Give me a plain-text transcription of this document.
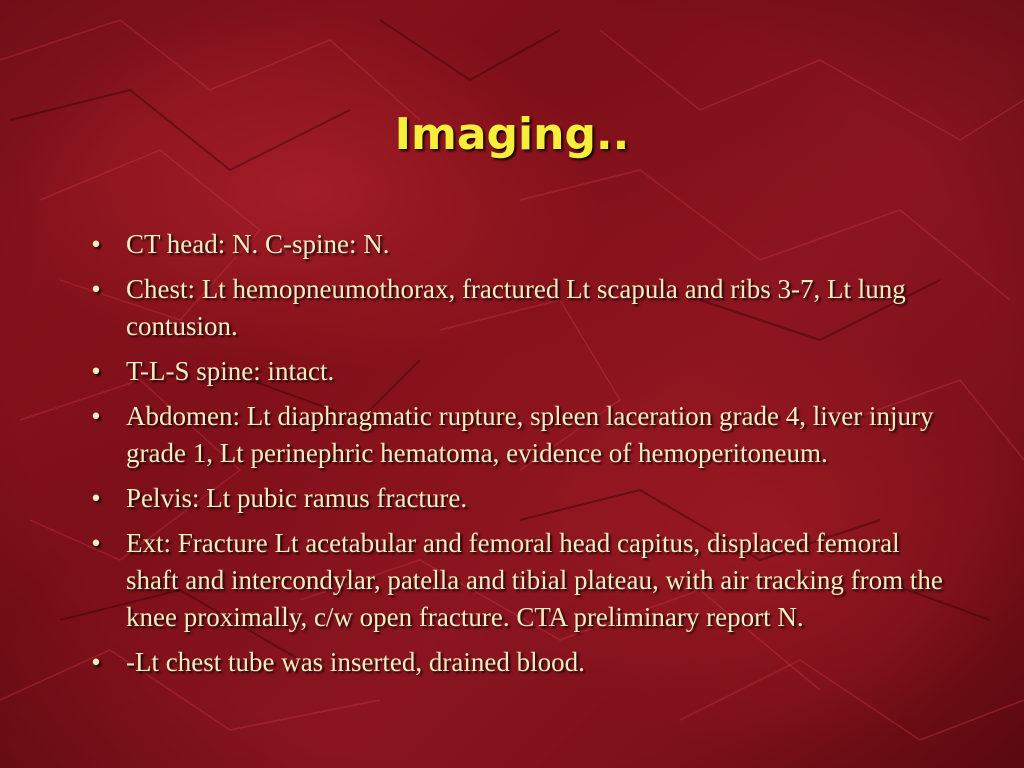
Imaging..
• CT head: N. C-spine: N.
• Chest: Lt hemopneumothorax, fractured Lt scapula and ribs 3-7, Lt lung contusion.
• T-L-S spine: intact.
• Abdomen: Lt diaphragmatic rupture, spleen laceration grade 4, liver injury grade 1, Lt perinephric hematoma, evidence of hemoperitoneum.
• Pelvis: Lt pubic ramus fracture.
• Ext: Fracture Lt acetabular and femoral head capitus, displaced femoral shaft and intercondylar, patella and tibial plateau, with air tracking from the knee proximally, c/w open fracture. CTA preliminary report N.
• -Lt chest tube was inserted, drained blood.
